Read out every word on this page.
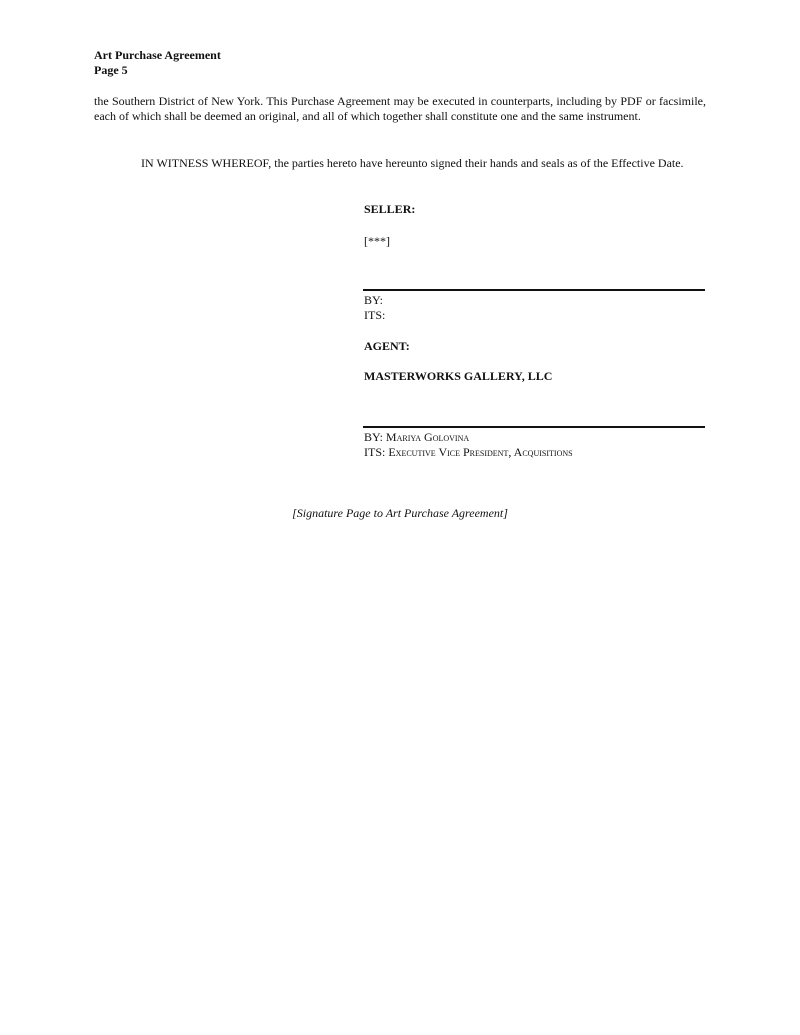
Art Purchase Agreement
Page 5
the Southern District of New York. This Purchase Agreement may be executed in counterparts, including by PDF or facsimile, each of which shall be deemed an original, and all of which together shall constitute one and the same instrument.
IN WITNESS WHEREOF, the parties hereto have hereunto signed their hands and seals as of the Effective Date.
SELLER:
[***]
BY:
ITS:
AGENT:
MASTERWORKS GALLERY, LLC
BY: Mariya Golovina
ITS: Executive Vice President, Acquisitions
[Signature Page to Art Purchase Agreement]
